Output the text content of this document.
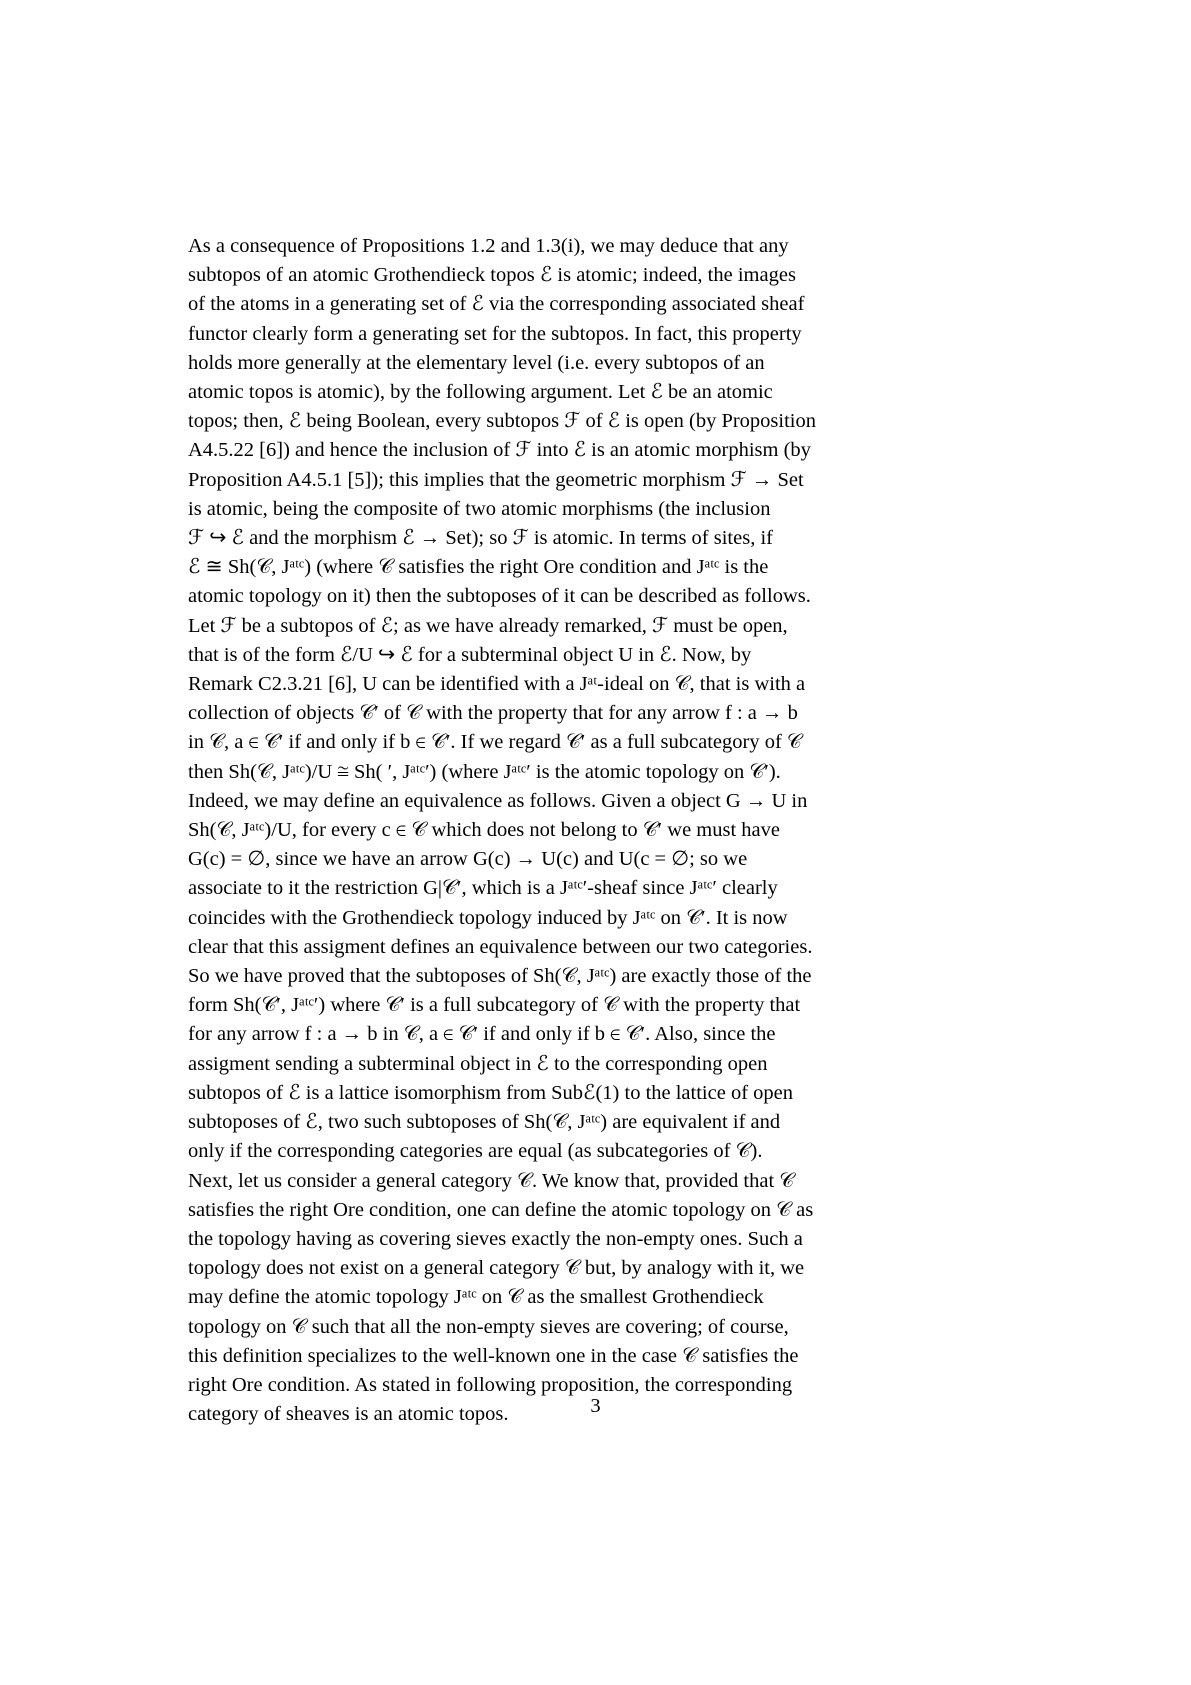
As a consequence of Propositions 1.2 and 1.3(i), we may deduce that any
subtopos of an atomic Grothendieck topos ℰ is atomic; indeed, the images
of the atoms in a generating set of ℰ via the corresponding associated sheaf
functor clearly form a generating set for the subtopos. In fact, this property
holds more generally at the elementary level (i.e. every subtopos of an
atomic topos is atomic), by the following argument. Let ℰ be an atomic
topos; then, ℰ being Boolean, every subtopos ℱ of ℰ is open (by Proposition
A4.5.22 [6]) and hence the inclusion of ℱ into ℰ is an atomic morphism (by
Proposition A4.5.1 [5]); this implies that the geometric morphism ℱ → Set
is atomic, being the composite of two atomic morphisms (the inclusion
ℱ ↪ ℰ and the morphism ℰ → Set); so ℱ is atomic. In terms of sites, if
ℰ ≅ Sh(𝒞, Jᵃᵗᶜ) (where 𝒞 satisfies the right Ore condition and Jᵃᵗᶜ is the
atomic topology on it) then the subtoposes of it can be described as follows.
Let ℱ be a subtopos of ℰ; as we have already remarked, ℱ must be open,
that is of the form ℰ/U ↪ ℰ for a subterminal object U in ℰ. Now, by
Remark C2.3.21 [6], U can be identified with a Jᵃᵗ-ideal on 𝒞, that is with a
collection of objects 𝒞′ of 𝒞 with the property that for any arrow f : a → b
in 𝒞, a ∈ 𝒞′ if and only if b ∈ 𝒞′. If we regard 𝒞′ as a full subcategory of 𝒞
then Sh(𝒞, Jᵃᵗᶜ)/U ≅ Sh( ′, Jᵃᵗᶜ′) (where Jᵃᵗᶜ′ is the atomic topology on 𝒞′).
Indeed, we may define an equivalence as follows. Given a object G → U in
Sh(𝒞, Jᵃᵗᶜ)/U, for every c ∈ 𝒞 which does not belong to 𝒞′ we must have
G(c) = ∅, since we have an arrow G(c) → U(c) and U(c = ∅; so we
associate to it the restriction G|𝒞′, which is a Jᵃᵗᶜ′-sheaf since Jᵃᵗᶜ′ clearly
coincides with the Grothendieck topology induced by Jᵃᵗᶜ on 𝒞′. It is now
clear that this assigment defines an equivalence between our two categories.
So we have proved that the subtoposes of Sh(𝒞, Jᵃᵗᶜ) are exactly those of the
form Sh(𝒞′, Jᵃᵗᶜ′) where 𝒞′ is a full subcategory of 𝒞 with the property that
for any arrow f : a → b in 𝒞, a ∈ 𝒞′ if and only if b ∈ 𝒞′. Also, since the
assigment sending a subterminal object in ℰ to the corresponding open
subtopos of ℰ is a lattice isomorphism from Subℰ(1) to the lattice of open
subtoposes of ℰ, two such subtoposes of Sh(𝒞, Jᵃᵗᶜ) are equivalent if and
only if the corresponding categories are equal (as subcategories of 𝒞).
Next, let us consider a general category 𝒞. We know that, provided that 𝒞
satisfies the right Ore condition, one can define the atomic topology on 𝒞 as
the topology having as covering sieves exactly the non-empty ones. Such a
topology does not exist on a general category 𝒞 but, by analogy with it, we
may define the atomic topology Jᵃᵗᶜ on 𝒞 as the smallest Grothendieck
topology on 𝒞 such that all the non-empty sieves are covering; of course,
this definition specializes to the well-known one in the case 𝒞 satisfies the
right Ore condition. As stated in following proposition, the corresponding
category of sheaves is an atomic topos.	3
